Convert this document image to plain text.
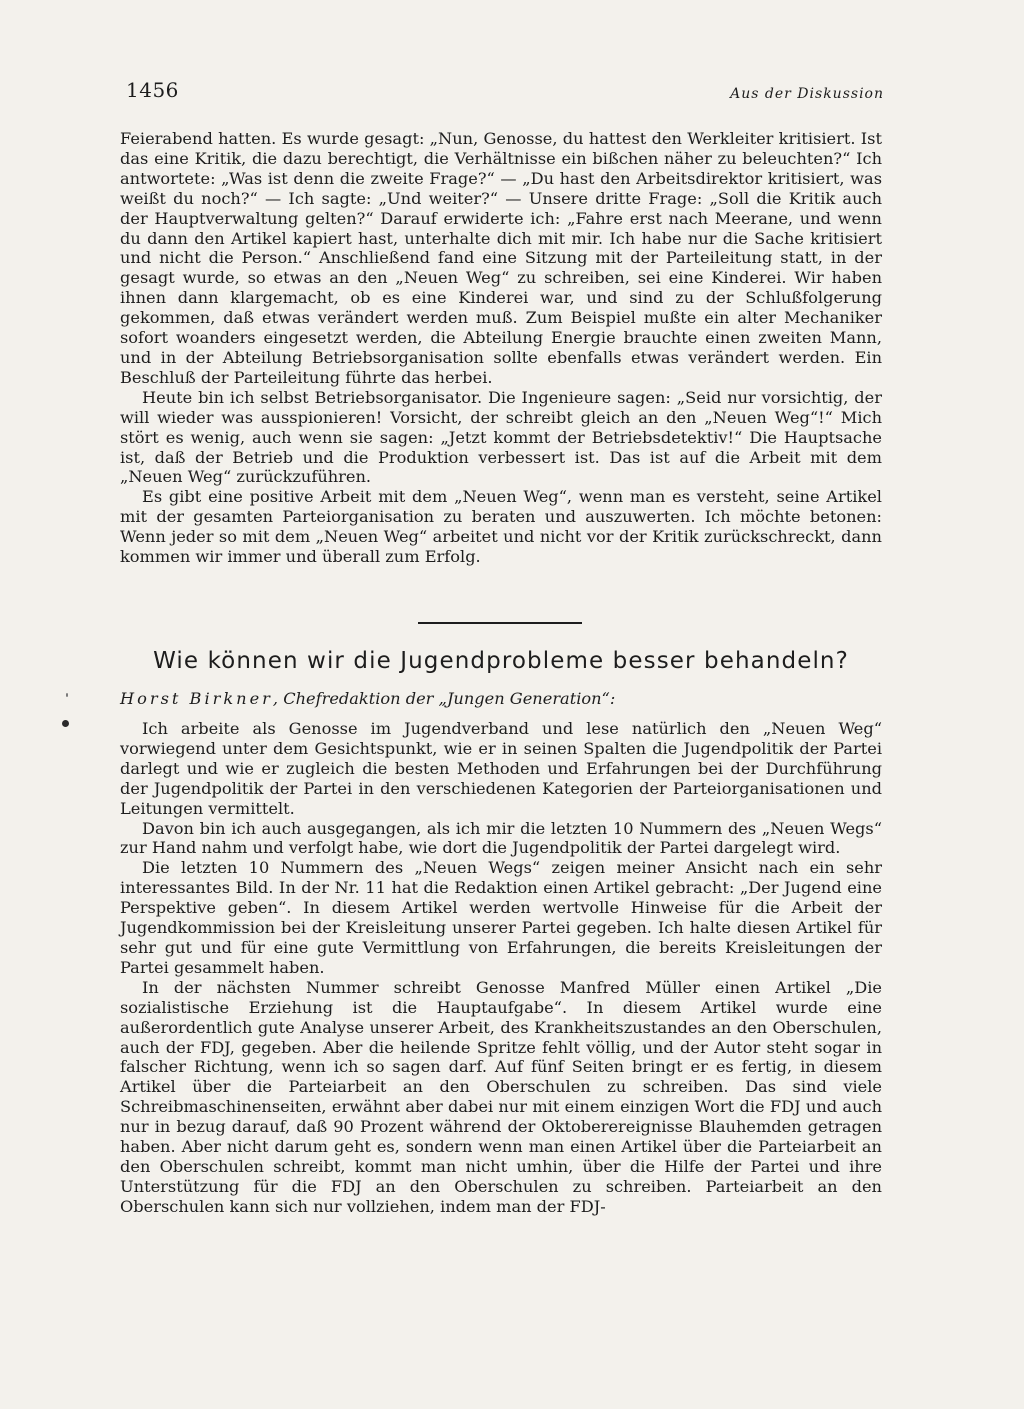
1456	Aus der Diskussion

Feierabend hatten. Es wurde gesagt: „Nun, Genosse, du hattest den Werkleiter kritisiert. Ist das eine Kritik, die dazu berechtigt, die Verhältnisse ein bißchen näher zu beleuchten?“ Ich antwortete: „Was ist denn die zweite Frage?“ — „Du hast den Arbeitsdirektor kritisiert, was weißt du noch?“ — Ich sagte: „Und weiter?“ — Unsere dritte Frage: „Soll die Kritik auch der Hauptverwaltung gelten?“ Darauf erwiderte ich: „Fahre erst nach Meerane, und wenn du dann den Artikel kapiert hast, unterhalte dich mit mir. Ich habe nur die Sache kritisiert und nicht die Person.“ Anschließend fand eine Sitzung mit der Parteileitung statt, in der gesagt wurde, so etwas an den „Neuen Weg“ zu schreiben, sei eine Kinderei. Wir haben ihnen dann klargemacht, ob es eine Kinderei war, und sind zu der Schlußfolgerung gekommen, daß etwas verändert werden muß. Zum Beispiel mußte ein alter Mechaniker sofort woanders eingesetzt werden, die Abteilung Energie brauchte einen zweiten Mann, und in der Abteilung Betriebsorganisation sollte ebenfalls etwas verändert werden. Ein Beschluß der Parteileitung führte das herbei.

Heute bin ich selbst Betriebsorganisator. Die Ingenieure sagen: „Seid nur vorsichtig, der will wieder was ausspionieren! Vorsicht, der schreibt gleich an den „Neuen Weg“!“ Mich stört es wenig, auch wenn sie sagen: „Jetzt kommt der Betriebsdetektiv!“ Die Hauptsache ist, daß der Betrieb und die Produktion verbessert ist. Das ist auf die Arbeit mit dem „Neuen Weg“ zurückzuführen.

Es gibt eine positive Arbeit mit dem „Neuen Weg“, wenn man es versteht, seine Artikel mit der gesamten Parteiorganisation zu beraten und auszuwerten. Ich möchte betonen: Wenn jeder so mit dem „Neuen Weg“ arbeitet und nicht vor der Kritik zurückschreckt, dann kommen wir immer und überall zum Erfolg.

Wie können wir die Jugendprobleme besser behandeln?
Horst Birkner, Chefredaktion der „Jungen Generation“:

Ich arbeite als Genosse im Jugendverband und lese natürlich den „Neuen Weg“ vorwiegend unter dem Gesichtspunkt, wie er in seinen Spalten die Jugendpolitik der Partei darlegt und wie er zugleich die besten Methoden und Erfahrungen bei der Durchführung der Jugendpolitik der Partei in den verschiedenen Kategorien der Parteiorganisationen und Leitungen vermittelt.

Davon bin ich auch ausgegangen, als ich mir die letzten 10 Nummern des „Neuen Wegs“ zur Hand nahm und verfolgt habe, wie dort die Jugendpolitik der Partei dargelegt wird.

Die letzten 10 Nummern des „Neuen Wegs“ zeigen meiner Ansicht nach ein sehr interessantes Bild. In der Nr. 11 hat die Redaktion einen Artikel gebracht: „Der Jugend eine Perspektive geben“. In diesem Artikel werden wertvolle Hinweise für die Arbeit der Jugendkommission bei der Kreisleitung unserer Partei gegeben. Ich halte diesen Artikel für sehr gut und für eine gute Vermittlung von Erfahrungen, die bereits Kreisleitungen der Partei gesammelt haben.

In der nächsten Nummer schreibt Genosse Manfred Müller einen Artikel „Die sozialistische Erziehung ist die Hauptaufgabe“. In diesem Artikel wurde eine außerordentlich gute Analyse unserer Arbeit, des Krankheitszustandes an den Oberschulen, auch der FDJ, gegeben. Aber die heilende Spritze fehlt völlig, und der Autor steht sogar in falscher Richtung, wenn ich so sagen darf. Auf fünf Seiten bringt er es fertig, in diesem Artikel über die Parteiarbeit an den Oberschulen zu schreiben. Das sind viele Schreibmaschinenseiten, erwähnt aber dabei nur mit einem einzigen Wort die FDJ und auch nur in bezug darauf, daß 90 Prozent während der Oktoberereignisse Blauhemden getragen haben. Aber nicht darum geht es, sondern wenn man einen Artikel über die Parteiarbeit an den Oberschulen schreibt, kommt man nicht umhin, über die Hilfe der Partei und ihre Unterstützung für die FDJ an den Oberschulen zu schreiben. Parteiarbeit an den Oberschulen kann sich nur vollziehen, indem man der FDJ-
